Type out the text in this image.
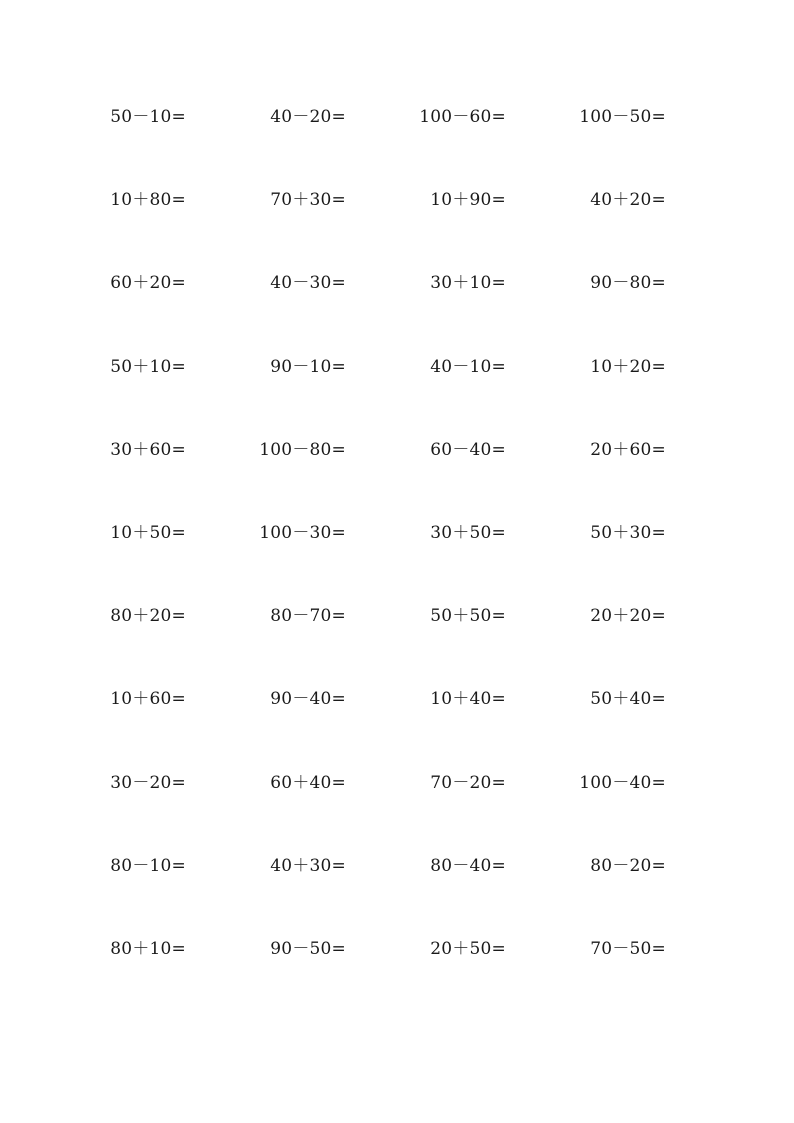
50－10=	40－20=	100－60=	100－50=
10＋80=	70＋30=	10＋90=	40＋20=
60＋20=	40－30=	30＋10=	90－80=
50＋10=	90－10=	40－10=	10＋20=
30＋60=	100－80=	60－40=	20＋60=
10＋50=	100－30=	30＋50=	50＋30=
80＋20=	80－70=	50＋50=	20＋20=
10＋60=	90－40=	10＋40=	50＋40=
30－20=	60＋40=	70－20=	100－40=
80－10=	40＋30=	80－40=	80－20=
80＋10=	90－50=	20＋50=	70－50=
